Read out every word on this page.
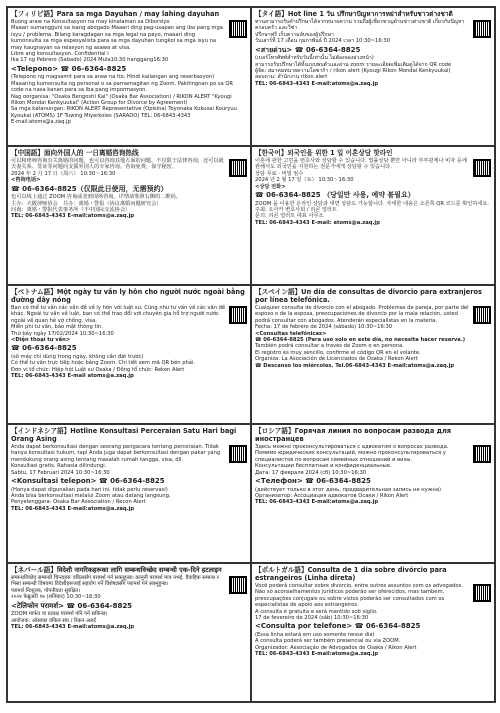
【フィリピ語】Para sa mga Dayuhan / may lahing dayuhan

Buong araw na Konsultasyon na may kinalaman sa Diborsiyo

Maaari sumangguni sa isang abogado Maaari ding pag-usapan ang iba pang mga isyu / problema. Bilang karagdagan sa mga legal na payo, maaari ding kumonsulta sa mga espesyalista para sa mga dayuhan tungkol sa mga isyu na may kaugnayan sa relasyon ng asawa at visa.

Libre ang konsultasyon. Confidential i

Ika 17 ng Pebrero (Sabado) 2024 Mula10:30 hanggang16:30

<Telepono> ☎ 06-6364-8825

(Telepono ng magsamit para sa araw na ito, Hindi kailangan ang reserbasyon)

Maaaring kumonsulta ng personal o sa pamamagitan ng Zoom, Pakitingnan po sa QR code na nasa kanan para sa iba pang impormasyon.

Nag oorganisa: "Osaka Bengoshi Kai" (Osaka Bar Association) / RIKON ALERT "Kyougi Rikon Mondai Kenkyuukai" (Action Group for Divorce by Agreement)

Sa mga katanungan: RIKON ALERT Representative (Opisina) Toyonaka Kokusai Kouryuu Kyoukai (ATOMS) 1F Tuwing Miyerkoles (SARADO) TEL: 06-6843-4343

E-mail:atoms@a.zaq.jp

【タイ語】Hot line 1 วัน ปรึกษาปัญหาการหย่าสำหรับชาวต่างชาติ

ท่านสามารถรับคำปรึกษาได้จากทนายความ รวมถึงผู้เชี่ยวชาญด้านชาวต่างชาติ เกี่ยวกับปัญหาครอบครัว และวีซ่า

ปรึกษาฟรี เก็บความลับของผู้ปรึกษา

วันเสาร์ที่ 17 เดือน กุมภาพันธ์ ปี 2024 เวลา 10:30~16:30

<สายด่วน> ☎ 06-6364-8825

(เบอร์โทรศัพท์สำหรับวันนี้เท่านั้น ไม่ต้องจองล่วงหน้า)

สามารถรับปรึกษาได้ทั้งแบบพบตัวและผ่าน zoom รายละเอียดเพิ่มเติมดูได้จาก QR code

ผู้จัด: สมาคมทนายความโอซาก้า / rikon alert (Kyougi Rikon Mondai Kenkyuukai)

สอบถาม: สำนักงาน rikon alert

TEL: 06-6843-4343 E-mail:atoms@a.zaq.jp

【中国語】面向外国人的 一日离婚咨询热线

可以和律师咨询有关离婚的问题，也可以咨询其他方面的问题。不仅限于法律咨询，还可以就夫妻关系、签证等问题向支援外国人的专家咨询。咨询免费，保守秘密。

2024 年 2 月 17 日（周六） 10:30～16:30

<咨询电话>

☎ 06-6364-8825（仅限此日使用，无需预约）

也可以线上通过 ZOOM 咨询或者到现场咨询。详情请参照右侧的二维码。

主办：大阪律师协会　共办：离婚・警报（协议离婚问题研究会）

问询：离婚・警报代表事务所（丰中国际交流协会）

TEL: 06-6843-4343 E-mail:atoms@a.zaq.jp

【한국어】외국인을 위한 1 일 이혼상담 핫라인

이혼에 관한 고민을 변호사와 상담할 수 있습니다. 법률상담 뿐만 아니라 부부관계나 비자 등에 관해서도 외국인을 지원하는 전문가에게 상담할 수 있습니다.

상담 무료 · 비밀 엄수

2024 년 2 월 17 일（토） 10:30～16:30

<상담 전화>

☎ 06-6364-8825 （당일만 사용, 예약 불필요）

ZOOM 을 이용한 온라인 상담과 대면 상담도 가능합니다. 자세한 내용은 오른쪽 QR 코드를 확인하세요.

주최: 오사카 변호사회 / 리콘 얼러트

문의: 리콘 얼러트 대표 사무소

TEL: 06-6843-4343 E-mail: atoms@a.zaq.jp

【ベトナム語】Một ngày tư vấn ly hôn cho người nước ngoài bằng đường dây nóng

Bạn có thể tư vấn các vấn đề về ly hôn với luật sư. Cũng như tư vấn về các vấn đề khác. Ngoài tư vấn về luật, bạn có thể trao đổi với chuyên gia hỗ trợ người nước ngoài về quan hệ vợ chồng, visa.

Miễn phí tư vấn, bảo mật thông tin.

Thứ bảy ngày 17/02/2024 10:30~16:30

<Điện thoại tư vấn>

☎ 06-6364-8825

(số máy chỉ dùng trong ngày, không cần đặt trước)

Có thể tư vấn trực tiếp hoặc bằng Zoom. Chi tiết xem mã QR bên phải.

Đơn vị tổ chức: Hiệp hội Luật sư Osaka / Đồng tổ chức: Rekon Alert

TEL: 06-6843-4343 E-mail atoms@a.zaq.jp

【スペイン語】Un día de consultas de divorcio para extranjeros por línea telefónica.

Cualquier consulta de divorcio con el abogado. Problemas de pareja, por parte del esposo o de la esposa, preocupaciones de divorcio por la mala relación, usted podrá consultar con abogados. Atenderán especialistas en la materia.

Fecha: 17 de febrero de 2024 (sábado) 10:30~16:30

<Consultas telefónicas>

☎ 06-6364-8825 (Para uso solo en este día, no necesita hacer reserva.)

También podrá consultar a través de Zoom o en persona.

El registro es muy sencillo, confirme el código QR en el volante.

Organiza: La Asociación de Licenciados de Osaka / Rekon Alert

☎ Descanso los miércoles. Tel.06-6843-4343 E-mail:atoms@a.zaq.jp

【インドネシア語】Hotline Konsultasi Perceraian Satu Hari bagi Orang Asing

Anda dapat berkonsultasi dengan seorang pengacara tentang perceraian. Tidak hanya konsultasi hukum, tapi Anda juga dapat berkonsultasi dengan pakar yang mendukung orang asing tentang masalah rumah tangga, visa, dll.

Konsultasi gratis. Rahasia dilindungi.

Sabtu, 17 Februari 2024 10:30~16:30

<Konsultasi telepon> ☎ 06-6364-8825

(Hanya dapat digunakan pada hari ini, tidak perlu reservasi)

Anda bisa berkonsultasi melalui Zoom atau datang langsung.

Penyelenggara: Osaka Bar Association / Recon Alert

TEL: 06-6843-4343 E-mail:atoms@a.zaq.jp

【ロシア語】Горячая линия по вопросам развода для иностранцев

Здесь можно проконсультироваться с адвокатом о вопросах развода. Помимо юридических консультаций, можно проконсультироваться у специалистов по вопросам семейных отношений и визы.

Консультации бесплатные и конфиденциальные.

Дата: 17 февраля 2024 (сб) 10:30~16:30

<Телефон> ☎ 06-6364-8825

(действует только в этот день, предварительная запись не нужна)

Организатор: Ассоциация адвокатов Осаки / Rikon Alert

TEL: 06-6843-4343 E-mail:atoms@a.zaq.jp

【ネパール語】विदेशी नागरिकहरूका लागि सम्बन्धविच्छेद सम्बन्धी एक-दिने हटलाइन

सम्बन्धविच्छेद सम्बन्धी चिन्ताहरू वकिलसँग परामर्श गर्न सक्नुहुन्छ। कानुनी परामर्श मात्र नभई, वैवाहिक सम्बन्ध र भिसा सम्बन्धी विषयमा विदेशीहरूलाई सहयोग गर्ने विशेषज्ञसँग परामर्श गर्न सक्नुहुन्छ।

परामर्श निःशुल्क, गोपनीयता सुरक्षित।

२०२४ फेब्रुअरी १७ (शनिबार) 10:30~16:30

<टेलिफोन परामर्श> ☎ 06-6364-8825

ZOOM मार्फत वा प्रत्यक्ष परामर्श पनि गर्न सकिन्छ।

आयोजक: ओसाका वकिल संघ / रिकन अलर्ट

TEL: 06-6843-4343 E-mail:atoms@a.zaq.jp

【ポルトガル語】Consulta de 1 dia sobre divórcio para estrangeiros (Linha direta)

Você poderá consultar sobre divórcio, entre outros assuntos com os advogados. Não só aconselhamentos jurídicos poderão ser oferecidos, mas também, preocupações conjugais ou sobre vistos poderão ser consultados com os especialistas de apoio aos estrangeiros.

A consulta é gratuita e será mantido sob sigilo.

17 de fevereiro de 2024 (sáb) 10:30~16:30

<Consulta por telefone> ☎ 06-6364-8825

(Essa linha estará em uso somente nesse dia)

A consulta poderá ser também presencial ou via ZOOM.

Organizador: Associação de Advogados de Osaka / Rikon Alert

TEL: 06-6843-4343 E-mail:atoms@a.zaq.jp
